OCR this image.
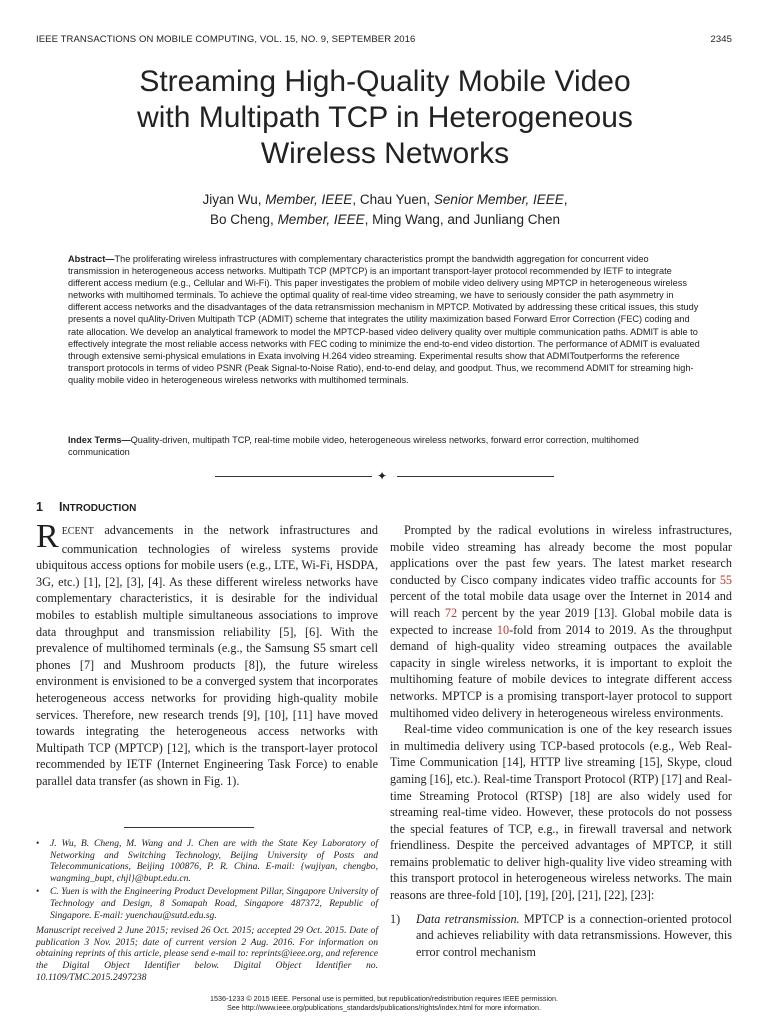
IEEE TRANSACTIONS ON MOBILE COMPUTING, VOL. 15, NO. 9, SEPTEMBER 2016	2345
Streaming High-Quality Mobile Video
with Multipath TCP in Heterogeneous
Wireless Networks
Jiyan Wu, Member, IEEE, Chau Yuen, Senior Member, IEEE,
Bo Cheng, Member, IEEE, Ming Wang, and Junliang Chen
Abstract—The proliferating wireless infrastructures with complementary characteristics prompt the bandwidth aggregation for concurrent video transmission in heterogeneous access networks. Multipath TCP (MPTCP) is an important transport-layer protocol recommended by IETF to integrate different access medium (e.g., Cellular and Wi-Fi). This paper investigates the problem of mobile video delivery using MPTCP in heterogeneous wireless networks with multihomed terminals. To achieve the optimal quality of real-time video streaming, we have to seriously consider the path asymmetry in different access networks and the disadvantages of the data retransmission mechanism in MPTCP. Motivated by addressing these critical issues, this study presents a novel quAlity-Driven Multipath TCP (ADMIT) scheme that integrates the utility maximization based Forward Error Correction (FEC) coding and rate allocation. We develop an analytical framework to model the MPTCP-based video delivery quality over multiple communication paths. ADMIT is able to effectively integrate the most reliable access networks with FEC coding to minimize the end-to-end video distortion. The performance of ADMIT is evaluated through extensive semi-physical emulations in Exata involving H.264 video streaming. Experimental results show that ADMIToutperforms the reference transport protocols in terms of video PSNR (Peak Signal-to-Noise Ratio), end-to-end delay, and goodput. Thus, we recommend ADMIT for streaming high-quality mobile video in heterogeneous wireless networks with multihomed terminals.
Index Terms—Quality-driven, multipath TCP, real-time mobile video, heterogeneous wireless networks, forward error correction, multihomed communication
✦
1 INTRODUCTION

RECENT advancements in the network infrastructures and communication technologies of wireless systems provide ubiquitous access options for mobile users (e.g., LTE, Wi-Fi, HSDPA, 3G, etc.) [1], [2], [3], [4]. As these different wireless networks have complementary characteristics, it is desirable for the individual mobiles to establish multiple simultaneous associations to improve data throughput and transmission reliability [5], [6]. With the prevalence of multihomed terminals (e.g., the Samsung S5 smart cell phones [7] and Mushroom products [8]), the future wireless environment is envisioned to be a converged system that incorporates heterogeneous access networks for providing high-quality mobile services. Therefore, new research trends [9], [10], [11] have moved towards integrating the heterogeneous access networks with Multipath TCP (MPTCP) [12], which is the transport-layer protocol recommended by IETF (Internet Engineering Task Force) to enable parallel data transfer (as shown in Fig. 1).

•	J. Wu, B. Cheng, M. Wang and J. Chen are with the State Key Laboratory of Networking and Switching Technology, Beijing University of Posts and Telecommunications, Beijing 100876, P. R. China. E-mail: {wujiyan, chengbo, wangming_bupt, chjl}@bupt.edu.cn.
•	C. Yuen is with the Engineering Product Development Pillar, Singapore University of Technology and Design, 8 Somapah Road, Singapore 487372, Republic of Singapore. E-mail: yuenchau@sutd.edu.sg.
Manuscript received 2 June 2015; revised 26 Oct. 2015; accepted 29 Oct. 2015. Date of publication 3 Nov. 2015; date of current version 2 Aug. 2016. For information on obtaining reprints of this article, please send e-mail to: reprints@ieee.org, and reference the Digital Object Identifier below. Digital Object Identifier no. 10.1109/TMC.2015.2497238

Prompted by the radical evolutions in wireless infrastructures, mobile video streaming has already become the most popular applications over the past few years. The latest market research conducted by Cisco company indicates video traffic accounts for 55 percent of the total mobile data usage over the Internet in 2014 and will reach 72 percent by the year 2019 [13]. Global mobile data is expected to increase 10-fold from 2014 to 2019. As the throughput demand of high-quality video streaming outpaces the available capacity in single wireless networks, it is important to exploit the multihoming feature of mobile devices to integrate different access networks. MPTCP is a promising transport-layer protocol to support multihomed video delivery in heterogeneous wireless environments.

Real-time video communication is one of the key research issues in multimedia delivery using TCP-based protocols (e.g., Web Real-Time Communication [14], HTTP live streaming [15], Skype, cloud gaming [16], etc.). Real-time Transport Protocol (RTP) [17] and Real-time Streaming Protocol (RTSP) [18] are also widely used for streaming real-time video. However, these protocols do not possess the special features of TCP, e.g., in firewall traversal and network friendliness. Despite the perceived advantages of MPTCP, it still remains problematic to deliver high-quality live video streaming with this transport protocol in heterogeneous wireless networks. The main reasons are three-fold [10], [19], [20], [21], [22], [23]:

1)	Data retransmission. MPTCP is a connection-oriented protocol and achieves reliability with data retransmissions. However, this error control mechanism
1536-1233 © 2015 IEEE. Personal use is permitted, but republication/redistribution requires IEEE permission.
See http://www.ieee.org/publications_standards/publications/rights/index.html for more information.
